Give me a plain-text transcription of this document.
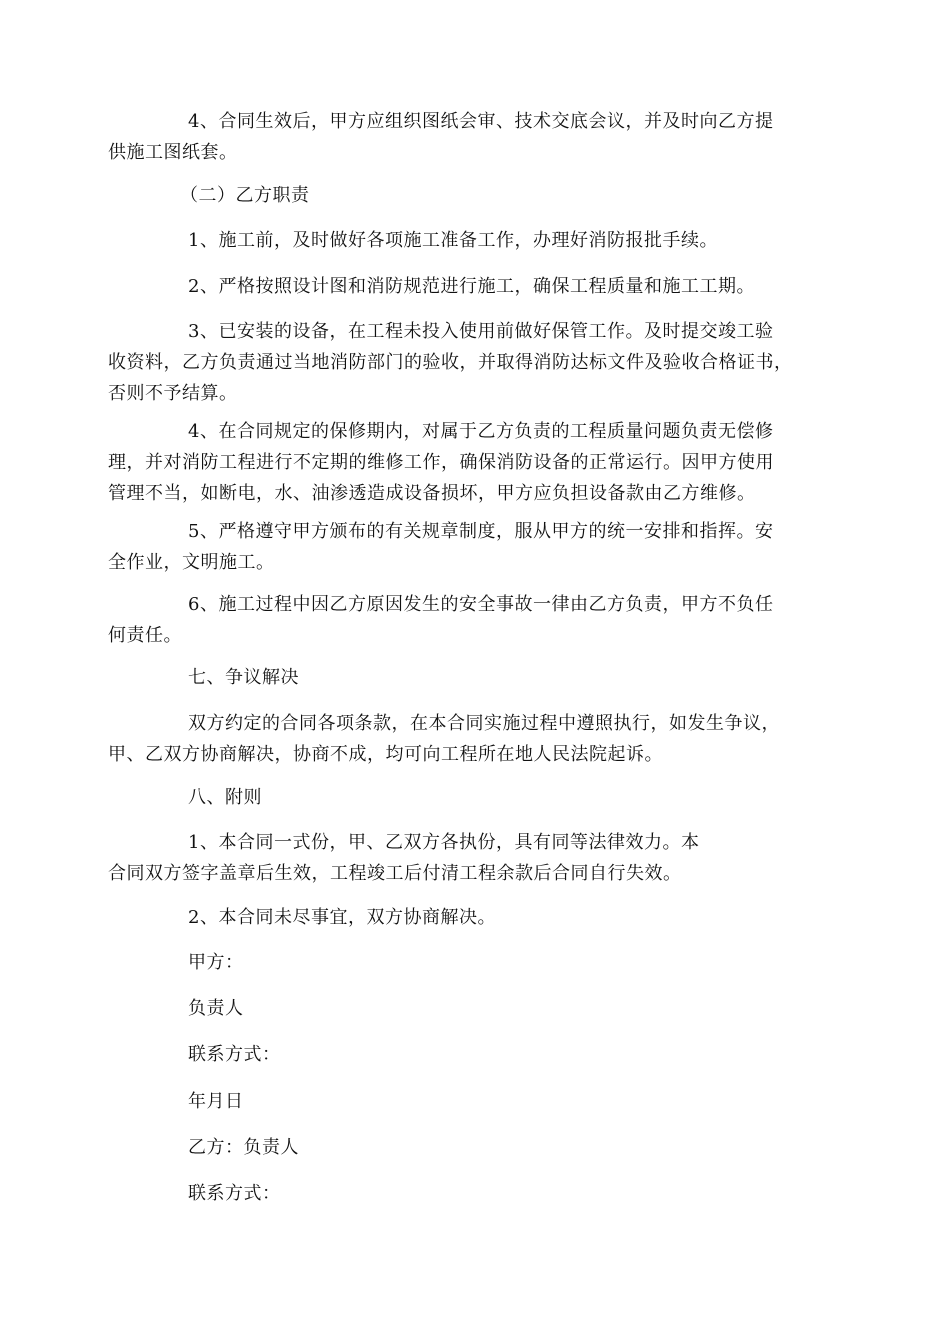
4、合同生效后，甲方应组织图纸会审、技术交底会议，并及时向乙方提
供施工图纸套。
（二）乙方职责
1、施工前，及时做好各项施工准备工作，办理好消防报批手续。
2、严格按照设计图和消防规范进行施工，确保工程质量和施工工期。
3、已安装的设备，在工程未投入使用前做好保管工作。及时提交竣工验
收资料，乙方负责通过当地消防部门的验收，并取得消防达标文件及验收合格证书，
否则不予结算。
4、在合同规定的保修期内，对属于乙方负责的工程质量问题负责无偿修
理，并对消防工程进行不定期的维修工作，确保消防设备的正常运行。因甲方使用
管理不当，如断电，水、油渗透造成设备损坏，甲方应负担设备款由乙方维修。
5、严格遵守甲方颁布的有关规章制度，服从甲方的统一安排和指挥。安
全作业，文明施工。
6、施工过程中因乙方原因发生的安全事故一律由乙方负责，甲方不负任
何责任。
七、争议解决
双方约定的合同各项条款，在本合同实施过程中遵照执行，如发生争议，
甲、乙双方协商解决，协商不成，均可向工程所在地人民法院起诉。
八、附则
1、本合同一式份，甲、乙双方各执份，具有同等法律效力。本
合同双方签字盖章后生效，工程竣工后付清工程余款后合同自行失效。
2、本合同未尽事宜，双方协商解决。
甲方：
负责人
联系方式：
年月日
乙方：负责人
联系方式：
